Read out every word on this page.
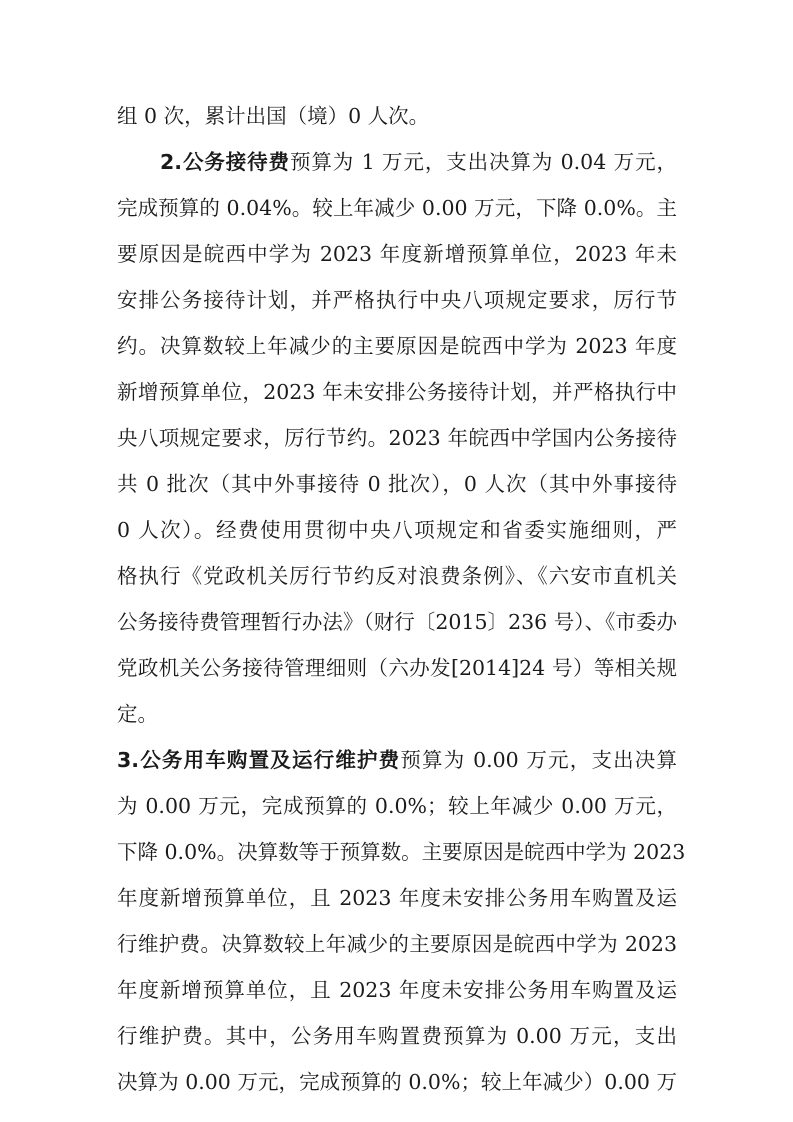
组 0 次，累计出国（境）0 人次。
2.公务接待费预算为 1 万元，支出决算为 0.04 万元，
完成预算的 0.04%。较上年减少 0.00 万元，下降 0.0%。主
要原因是皖西中学为 2023 年度新增预算单位，2023 年未
安排公务接待计划，并严格执行中央八项规定要求，厉行节
约。决算数较上年减少的主要原因是皖西中学为 2023 年度
新增预算单位，2023 年未安排公务接待计划，并严格执行中
央八项规定要求，厉行节约。2023 年皖西中学国内公务接待
共 0 批次（其中外事接待 0 批次），0 人次（其中外事接待
0 人次）。经费使用贯彻中央八项规定和省委实施细则，严
格执行《党政机关厉行节约反对浪费条例》、《六安市直机关
公务接待费管理暂行办法》（财行〔2015〕236 号）、《市委办
党政机关公务接待管理细则（六办发[2014]24 号）等相关规
定。
3.公务用车购置及运行维护费预算为 0.00 万元，支出决算
为 0.00 万元，完成预算的 0.0%；较上年减少 0.00 万元，
下降 0.0%。决算数等于预算数。主要原因是皖西中学为 2023
年度新增预算单位，且 2023 年度未安排公务用车购置及运
行维护费。决算数较上年减少的主要原因是皖西中学为 2023
年度新增预算单位，且 2023 年度未安排公务用车购置及运
行维护费。其中，公务用车购置费预算为 0.00 万元，支出
决算为 0.00 万元，完成预算的 0.0%；较上年减少）0.00 万
